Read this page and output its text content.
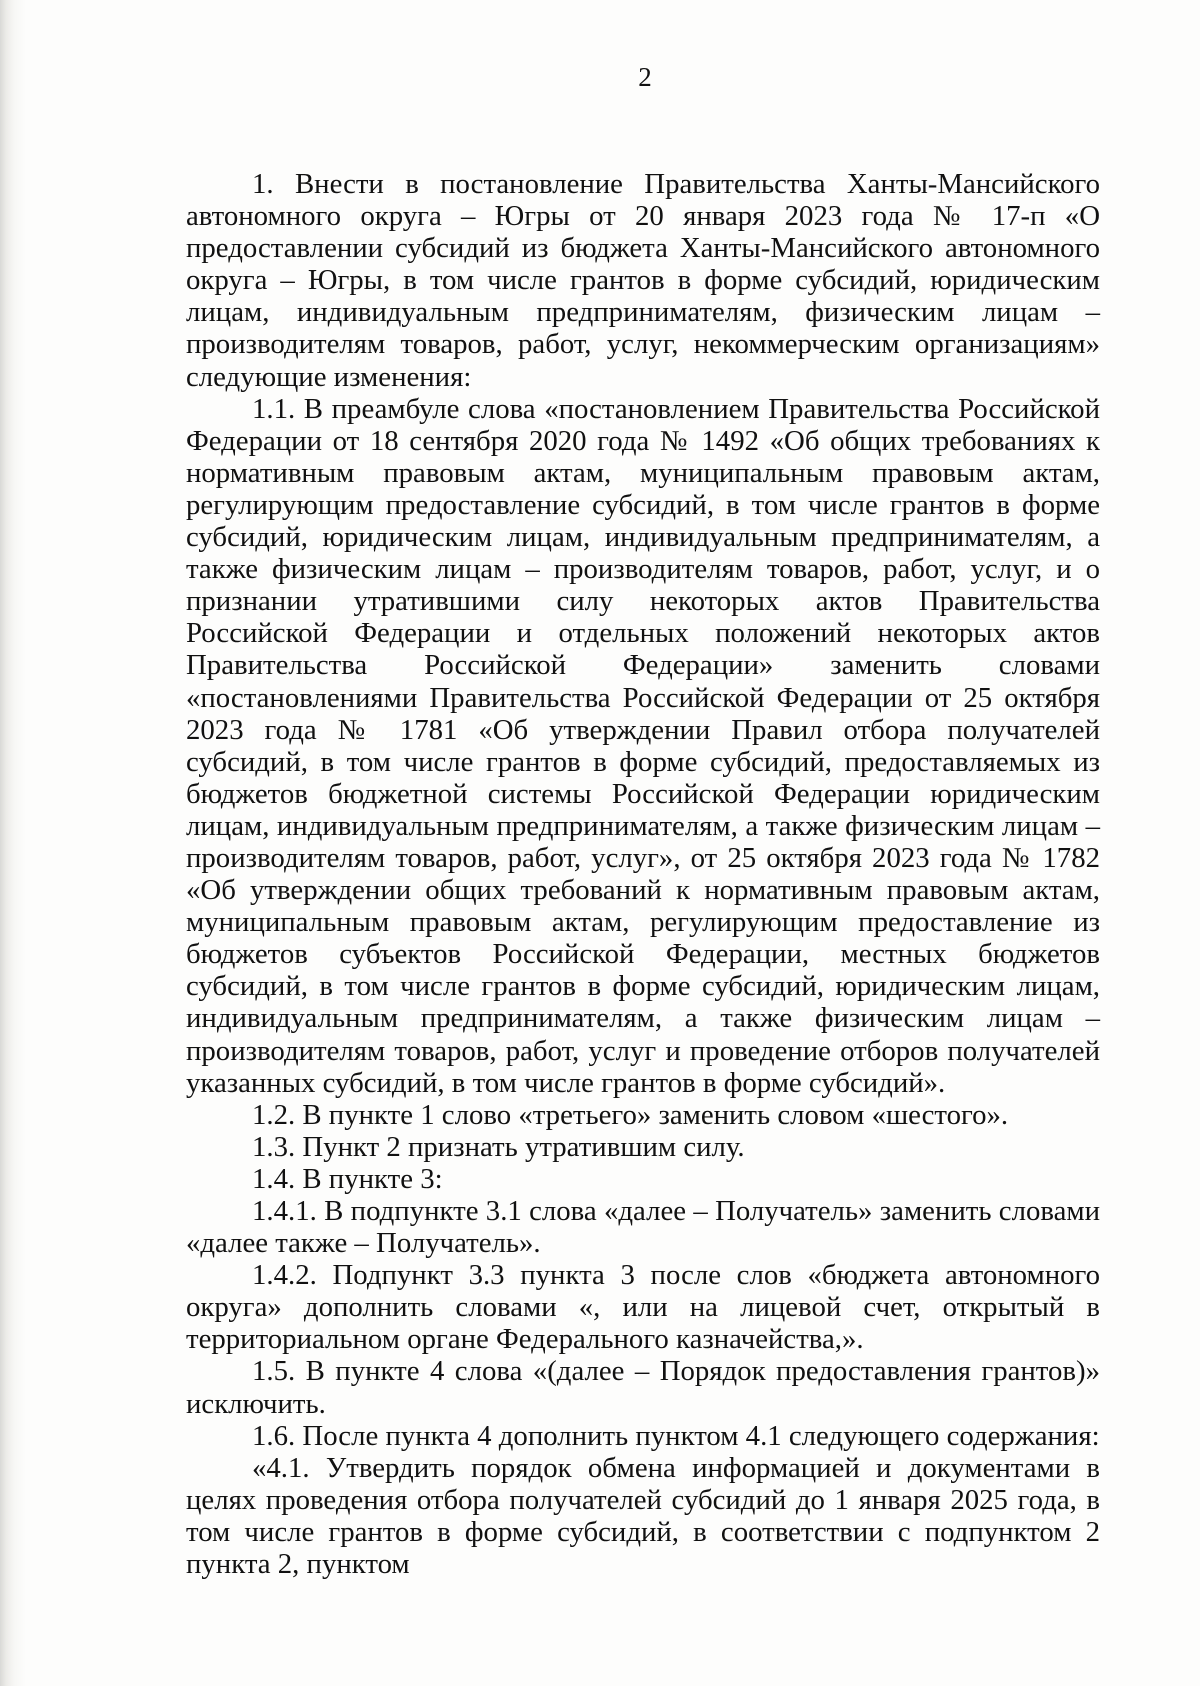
2

1. Внести в постановление Правительства Ханты-Мансийского автономного округа – Югры от 20 января 2023 года № 17-п «О предоставлении субсидий из бюджета Ханты-Мансийского автономного округа – Югры, в том числе грантов в форме субсидий, юридическим лицам, индивидуальным предпринимателям, физическим лицам – производителям товаров, работ, услуг, некоммерческим организациям» следующие изменения:

1.1. В преамбуле слова «постановлением Правительства Российской Федерации от 18 сентября 2020 года № 1492 «Об общих требованиях к нормативным правовым актам, муниципальным правовым актам, регулирующим предоставление субсидий, в том числе грантов в форме субсидий, юридическим лицам, индивидуальным предпринимателям, а также физическим лицам – производителям товаров, работ, услуг, и о признании утратившими силу некоторых актов Правительства Российской Федерации и отдельных положений некоторых актов Правительства Российской Федерации» заменить словами «постановлениями Правительства Российской Федерации от 25 октября 2023 года № 1781 «Об утверждении Правил отбора получателей субсидий, в том числе грантов в форме субсидий, предоставляемых из бюджетов бюджетной системы Российской Федерации юридическим лицам, индивидуальным предпринимателям, а также физическим лицам – производителям товаров, работ, услуг», от 25 октября 2023 года № 1782 «Об утверждении общих требований к нормативным правовым актам, муниципальным правовым актам, регулирующим предоставление из бюджетов субъектов Российской Федерации, местных бюджетов субсидий, в том числе грантов в форме субсидий, юридическим лицам, индивидуальным предпринимателям, а также физическим лицам – производителям товаров, работ, услуг и проведение отборов получателей указанных субсидий, в том числе грантов в форме субсидий».

1.2. В пункте 1 слово «третьего» заменить словом «шестого».

1.3. Пункт 2 признать утратившим силу.

1.4. В пункте 3:

1.4.1. В подпункте 3.1 слова «далее – Получатель» заменить словами «далее также – Получатель».

1.4.2. Подпункт 3.3 пункта 3 после слов «бюджета автономного округа» дополнить словами «, или на лицевой счет, открытый в территориальном органе Федерального казначейства,».

1.5. В пункте 4 слова «(далее – Порядок предоставления грантов)» исключить.

1.6. После пункта 4 дополнить пунктом 4.1 следующего содержания:

«4.1. Утвердить порядок обмена информацией и документами в целях проведения отбора получателей субсидий до 1 января 2025 года, в том числе грантов в форме субсидий, в соответствии с подпунктом 2 пункта 2, пунктом
